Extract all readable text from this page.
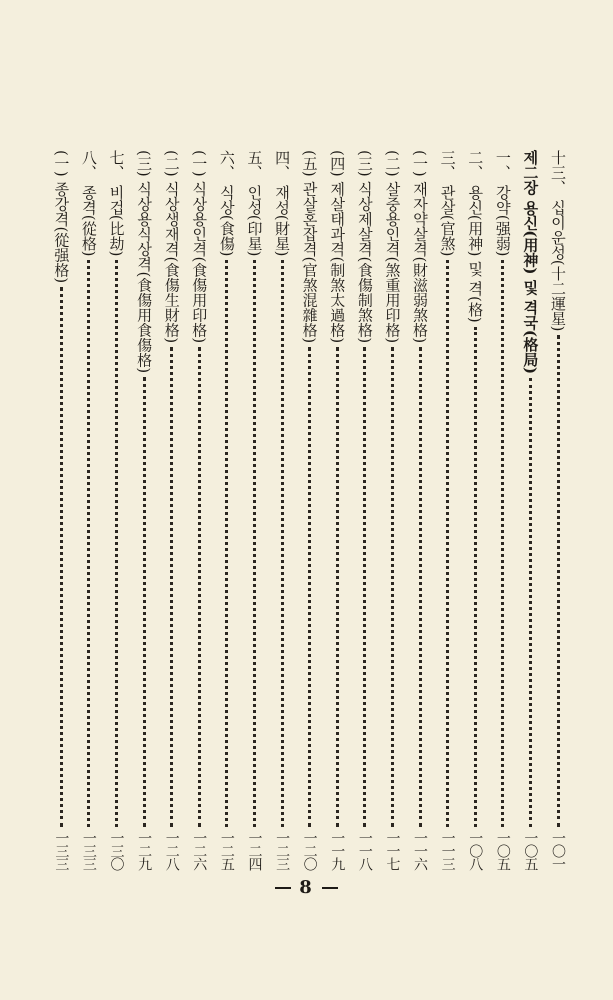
十三、 십이운성(十二運星)
一〇一
제二장 용신(用神) 및 격국(格局)
一〇五
一、 강약(强弱)
一〇五
二、 용신(用神) 및 격(格)
一〇八
三、 관살(官煞)
一一三
(一) 재자약살격(財滋弱煞格)
一一六
(二) 살중용인격(煞重用印格)
一一七
(三) 식상제살격(食傷制煞格)
一一八
(四) 제살태과격(制煞太過格)
一一九
(五) 관살혼잡격(官煞混雜格)
一二〇
四、 재성(財星)
一二三
五、 인성(印星)
一二四
六、 식상(食傷)
一二五
(一) 식상용인격(食傷用印格)
一二六
(二) 식상생재격(食傷生財格)
一二八
(三) 식상용식상격(食傷用食傷格)
一二九
七、 비겁(比劫)
一三〇
八、 종격(從格)
一三三
(一) 종강격(從强格)
一三三
8
